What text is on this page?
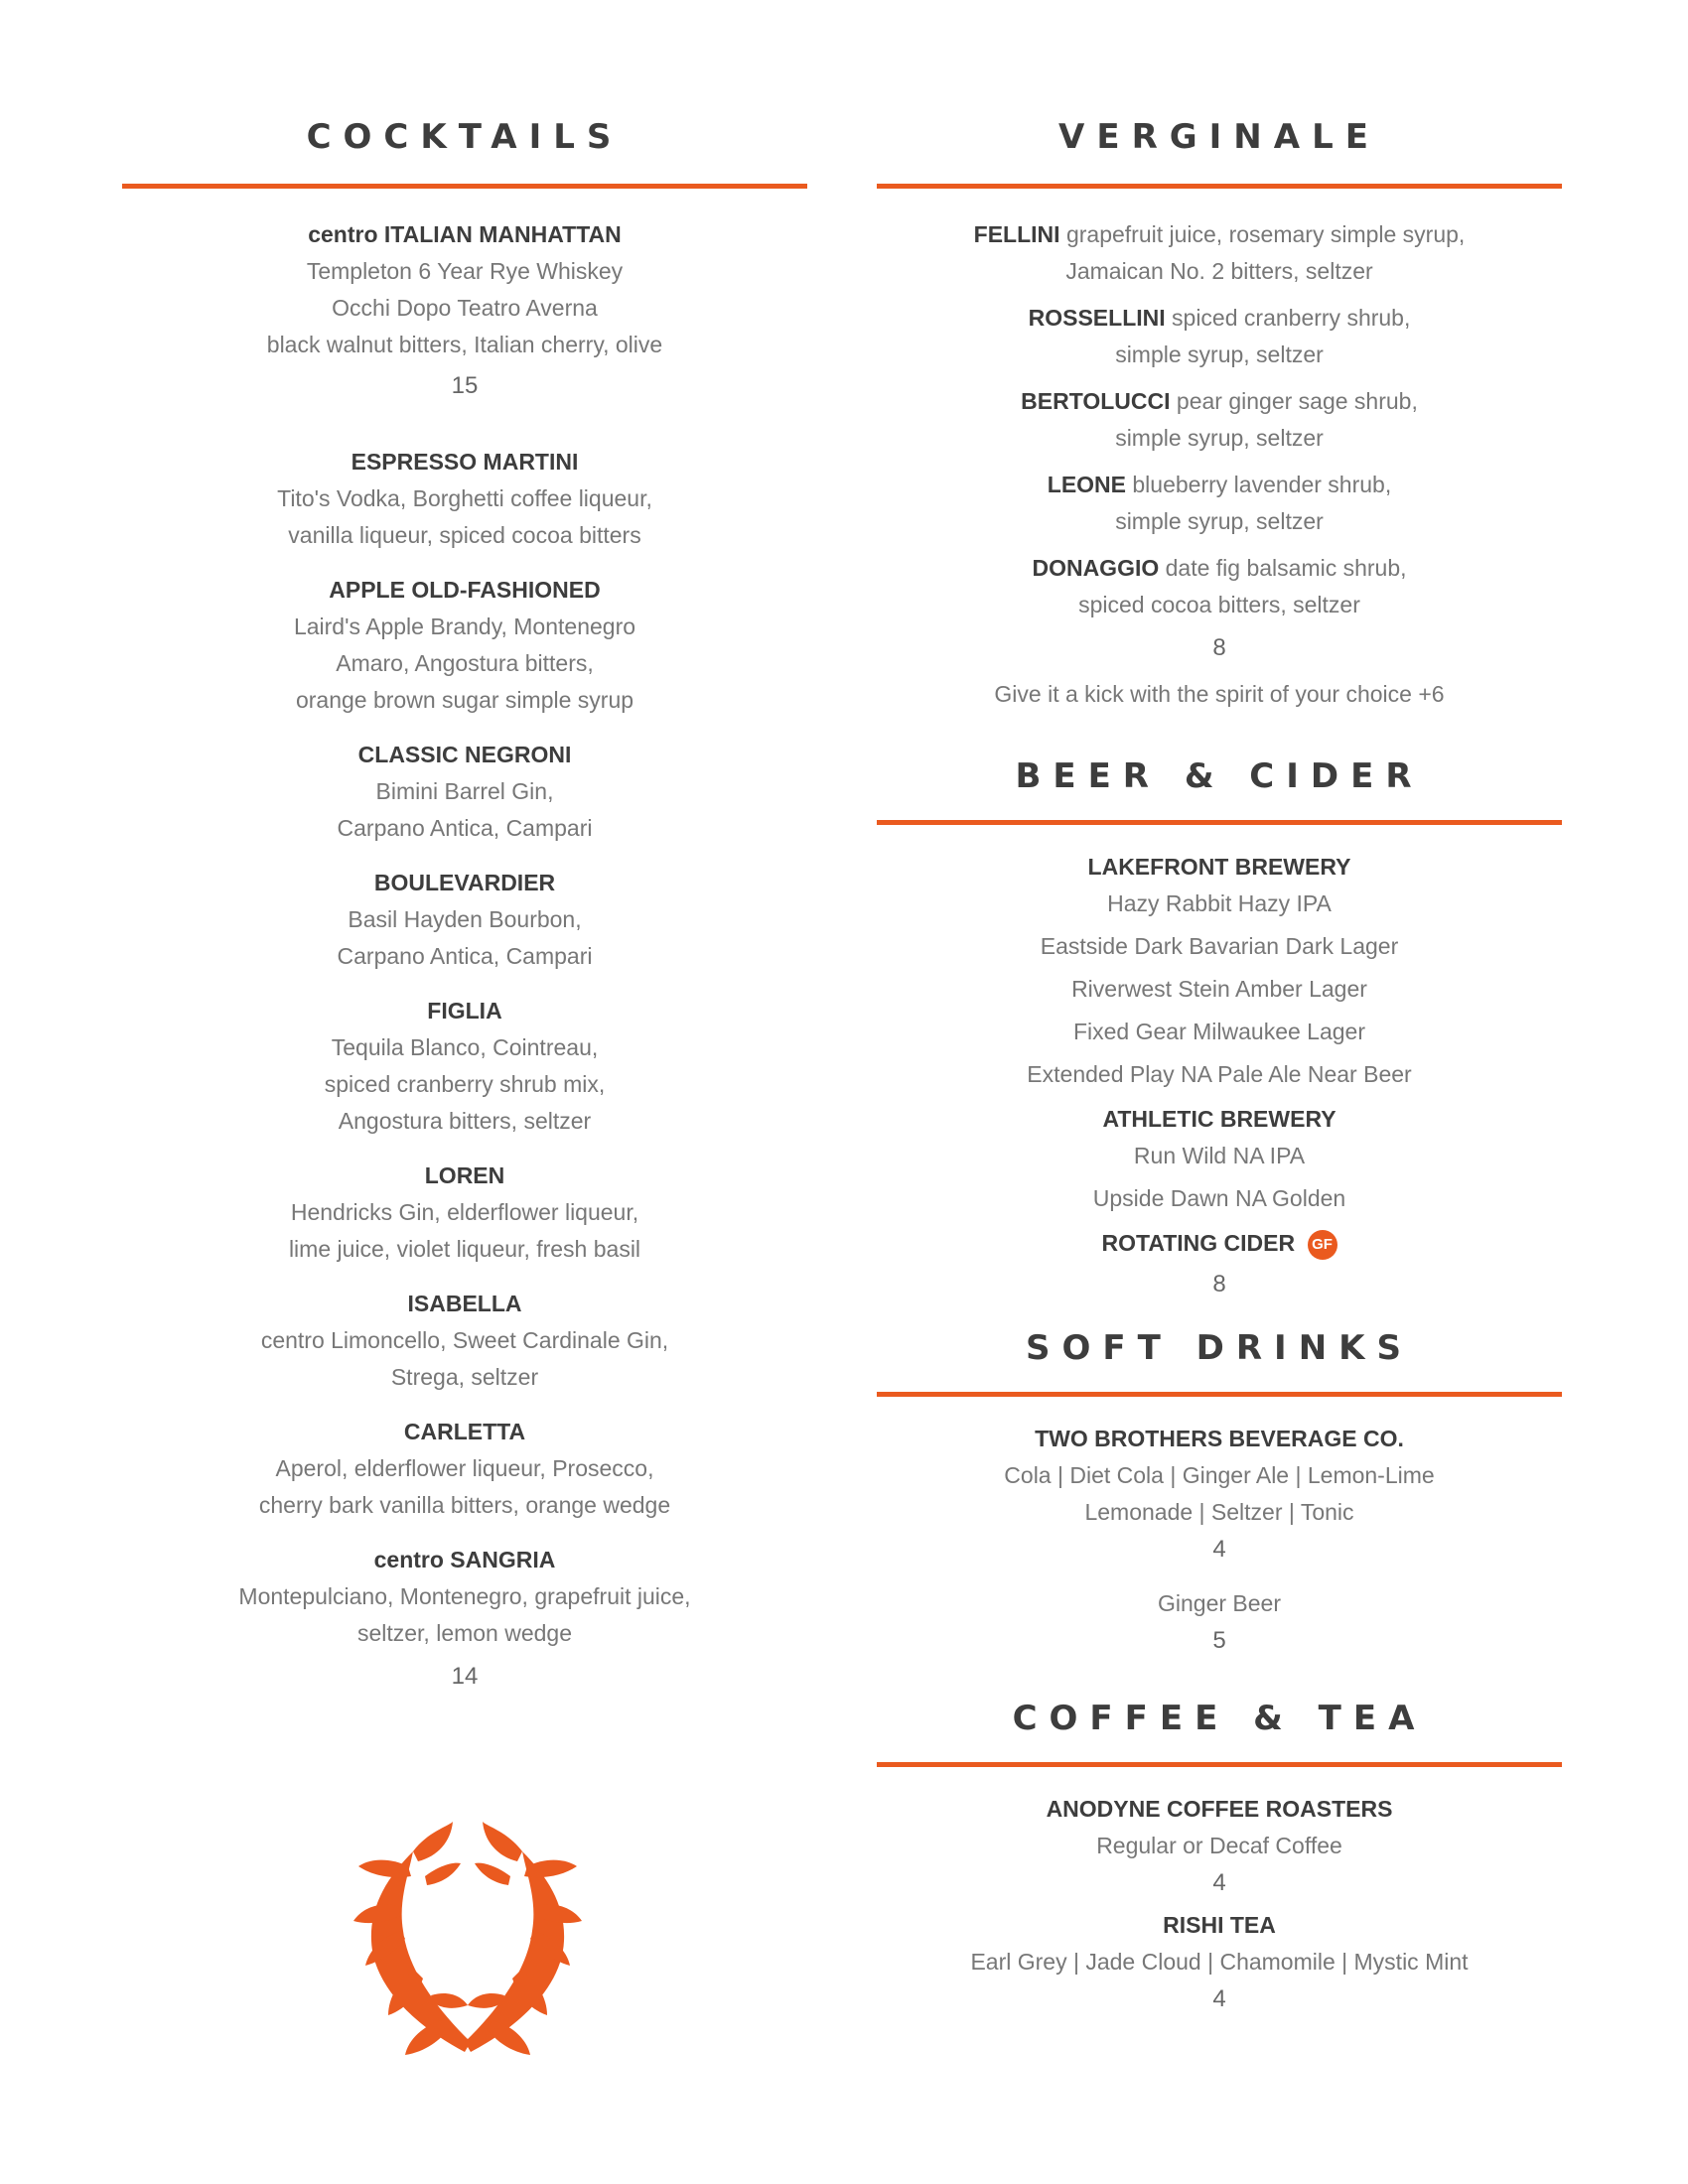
COCKTAILS
centro ITALIAN MANHATTAN
Templeton 6 Year Rye Whiskey
Occhi Dopo Teatro Averna
black walnut bitters, Italian cherry, olive
15
ESPRESSO MARTINI
Tito's Vodka, Borghetti coffee liqueur,
vanilla liqueur, spiced cocoa bitters
APPLE OLD-FASHIONED
Laird's Apple Brandy, Montenegro
Amaro, Angostura bitters,
orange brown sugar simple syrup
CLASSIC NEGRONI
Bimini Barrel Gin,
Carpano Antica, Campari
BOULEVARDIER
Basil Hayden Bourbon,
Carpano Antica, Campari
FIGLIA
Tequila Blanco, Cointreau,
spiced cranberry shrub mix,
Angostura bitters, seltzer
LOREN
Hendricks Gin, elderflower liqueur,
lime juice, violet liqueur, fresh basil
ISABELLA
centro Limoncello, Sweet Cardinale Gin,
Strega, seltzer
CARLETTA
Aperol, elderflower liqueur, Prosecco,
cherry bark vanilla bitters, orange wedge
centro SANGRIA
Montepulciano, Montenegro, grapefruit juice,
seltzer, lemon wedge
14
VERGINALE
FELLINI grapefruit juice, rosemary simple syrup,
Jamaican No. 2 bitters, seltzer
ROSSELLINI spiced cranberry shrub,
simple syrup, seltzer
BERTOLUCCI pear ginger sage shrub,
simple syrup, seltzer
LEONE blueberry lavender shrub,
simple syrup, seltzer
DONAGGIO date fig balsamic shrub,
spiced cocoa bitters, seltzer
8
Give it a kick with the spirit of your choice +6
BEER & CIDER
LAKEFRONT BREWERY
Hazy Rabbit Hazy IPA
Eastside Dark Bavarian Dark Lager
Riverwest Stein Amber Lager
Fixed Gear Milwaukee Lager
Extended Play NA Pale Ale Near Beer
ATHLETIC BREWERY
Run Wild NA IPA
Upside Dawn NA Golden
ROTATING CIDER GF
8
SOFT DRINKS
TWO BROTHERS BEVERAGE CO.
Cola | Diet Cola | Ginger Ale | Lemon-Lime
Lemonade | Seltzer | Tonic
4
Ginger Beer
5
COFFEE & TEA
ANODYNE COFFEE ROASTERS
Regular or Decaf Coffee
4
RISHI TEA
Earl Grey | Jade Cloud | Chamomile | Mystic Mint
4
